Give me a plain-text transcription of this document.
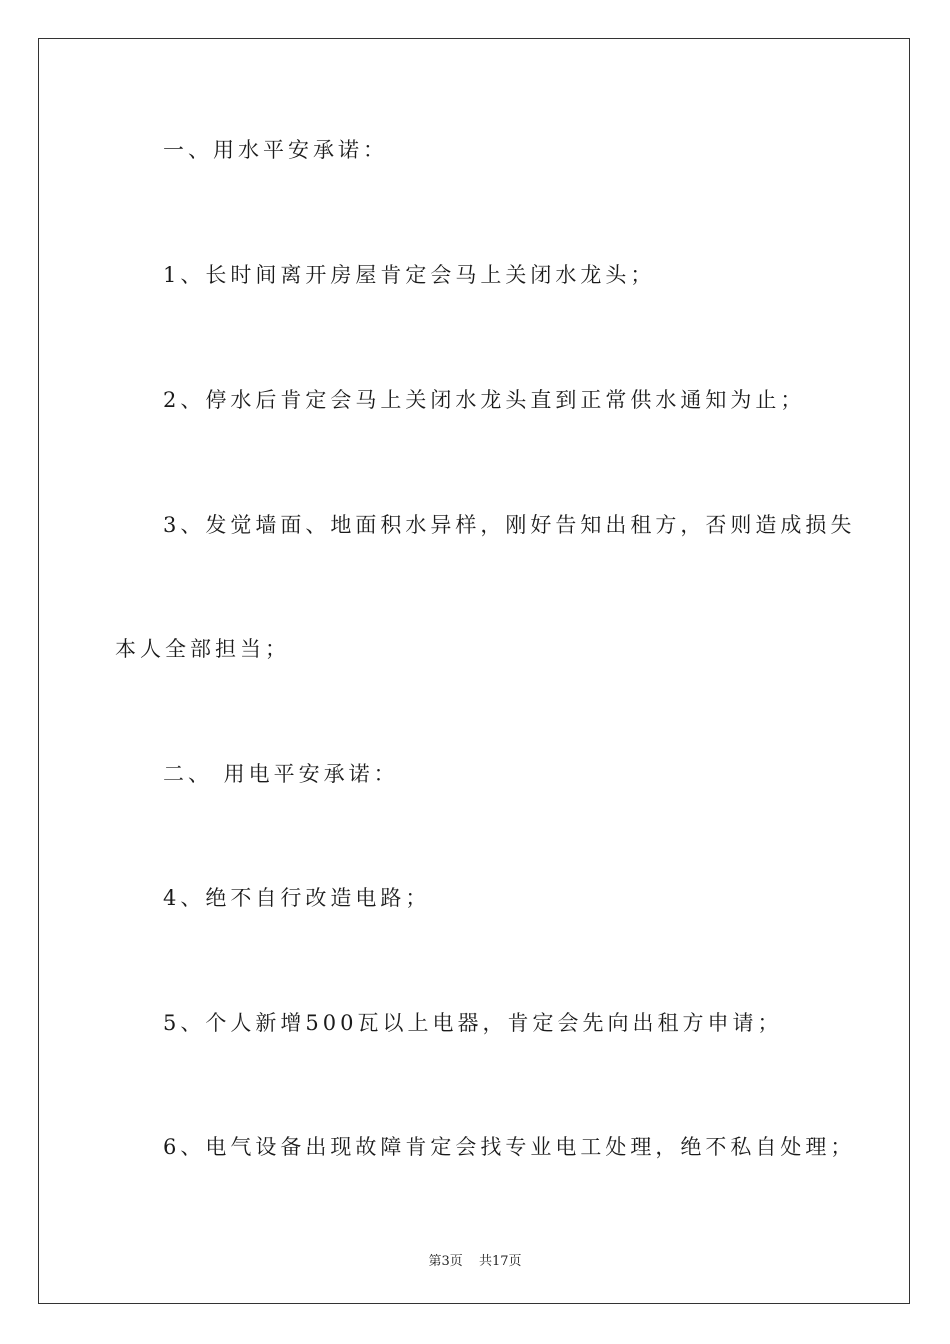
一、用水平安承诺：
1、长时间离开房屋肯定会马上关闭水龙头；
2、停水后肯定会马上关闭水龙头直到正常供水通知为止；
3、发觉墙面、地面积水异样，刚好告知出租方，否则造成损失
本人全部担当；
二、 用电平安承诺：
4、绝不自行改造电路；
5、个人新增500瓦以上电器，肯定会先向出租方申请；
6、电气设备出现故障肯定会找专业电工处理，绝不私自处理；
第3页 共17页
